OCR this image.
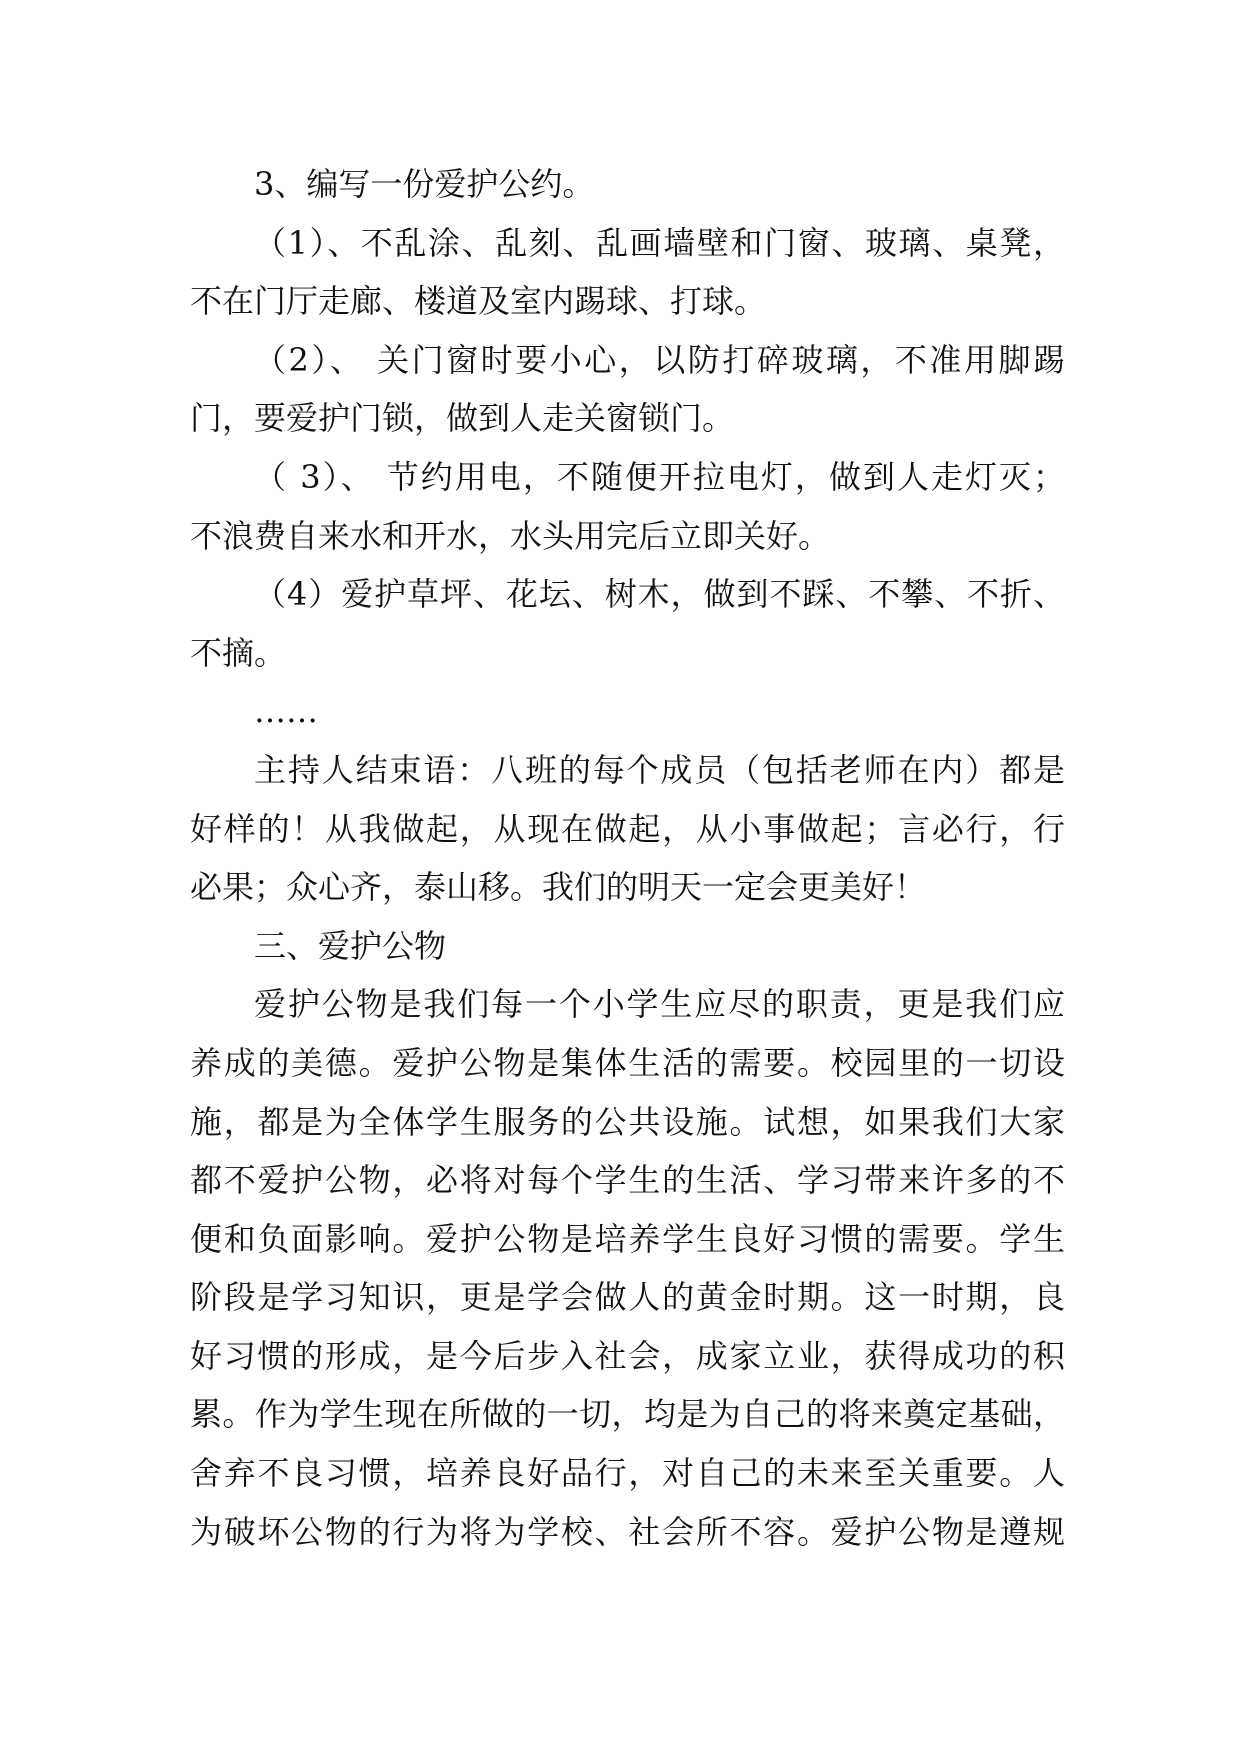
3、编写一份爱护公约。
（1）、不乱涂、乱刻、乱画墙壁和门窗、玻璃、桌凳，
不在门厅走廊、楼道及室内踢球、打球。
（2）、 关门窗时要小心，以防打碎玻璃，不准用脚踢
门，要爱护门锁，做到人走关窗锁门。
（ 3）、 节约用电，不随便开拉电灯，做到人走灯灭；
不浪费自来水和开水，水头用完后立即关好。
（4）爱护草坪、花坛、树木，做到不踩、不攀、不折、
不摘。
……
主持人结束语：八班的每个成员（包括老师在内）都是
好样的！从我做起，从现在做起，从小事做起；言必行，行
必果；众心齐，泰山移。我们的明天一定会更美好！
三、爱护公物
爱护公物是我们每一个小学生应尽的职责，更是我们应
养成的美德。爱护公物是集体生活的需要。校园里的一切设
施，都是为全体学生服务的公共设施。试想，如果我们大家
都不爱护公物，必将对每个学生的生活、学习带来许多的不
便和负面影响。爱护公物是培养学生良好习惯的需要。学生
阶段是学习知识，更是学会做人的黄金时期。这一时期，良
好习惯的形成，是今后步入社会，成家立业，获得成功的积
累。作为学生现在所做的一切，均是为自己的将来奠定基础，
舍弃不良习惯，培养良好品行，对自己的未来至关重要。人
为破坏公物的行为将为学校、社会所不容。爱护公物是遵规
